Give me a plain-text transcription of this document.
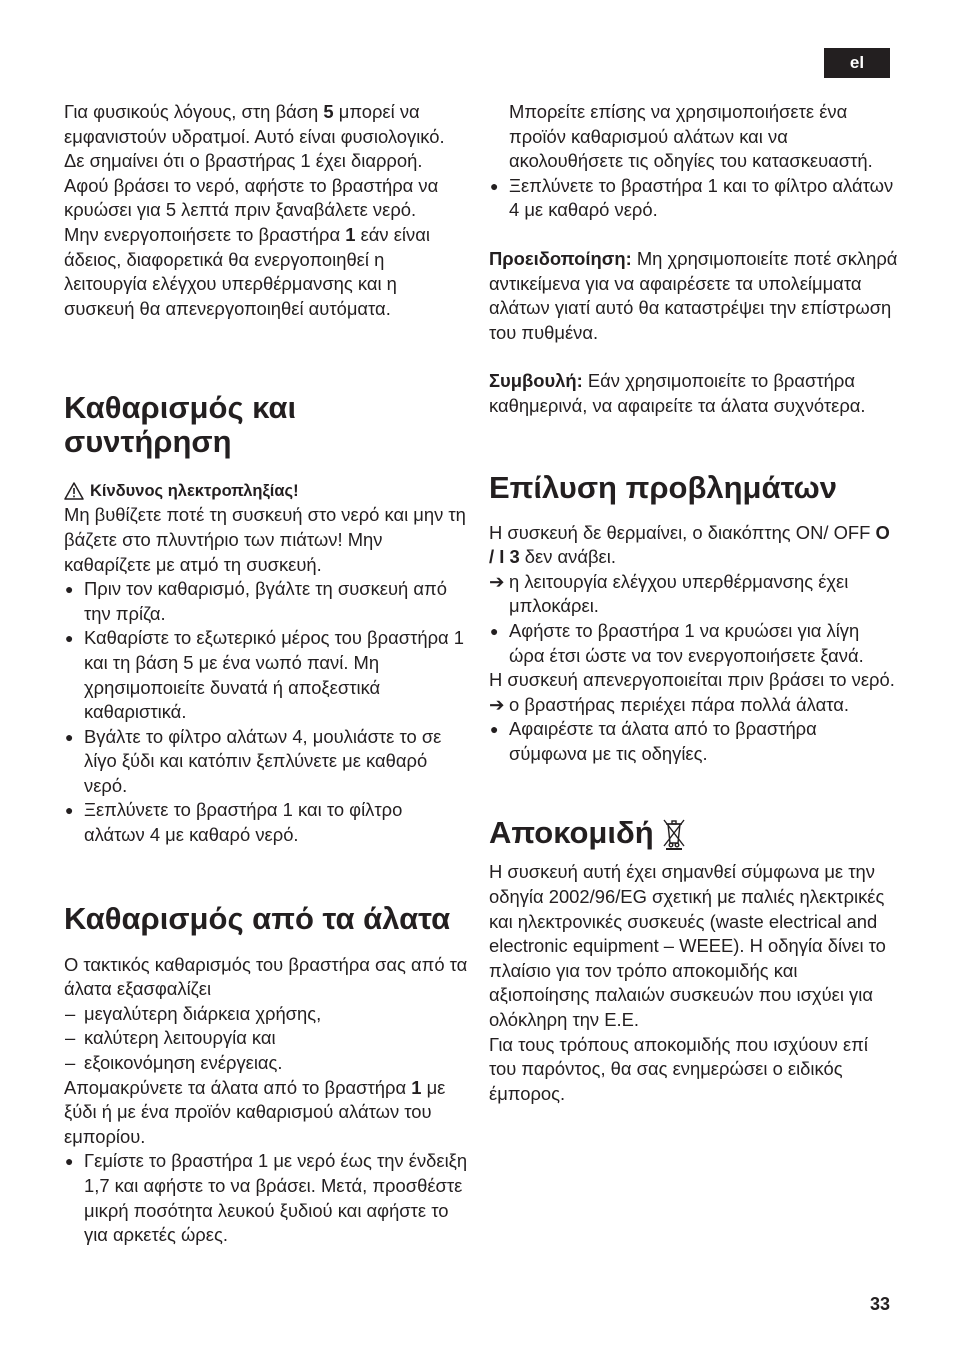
el

Για φυσικούς λόγους, στη βάση 5 μπορεί να εμφανιστούν υδρατμοί. Αυτό είναι φυσιολογικό. Δε σημαίνει ότι ο βραστήρας 1 έχει διαρροή.

Αφού βράσει το νερό, αφήστε το βραστήρα να κρυώσει για 5 λεπτά πριν ξαναβάλετε νερό.

Μην ενεργοποιήσετε το βραστήρα 1 εάν είναι άδειος, διαφορετικά θα ενεργοποιηθεί η λειτουργία ελέγχου υπερθέρμανσης και η συσκευή θα απενεργοποιηθεί αυτόματα.

Καθαρισμός και συντήρηση
Κίνδυνος ηλεκτροπληξίας!

Μη βυθίζετε ποτέ τη συσκευή στο νερό και μην τη βάζετε στο πλυντήριο των πιάτων! Μην καθαρίζετε με ατμό τη συσκευή.

● Πριν τον καθαρισμό, βγάλτε τη συσκευή από την πρίζα.
● Καθαρίστε το εξωτερικό μέρος του βραστήρα 1 και τη βάση 5 με ένα νωπό πανί. Μη χρησιμοποιείτε δυνατά ή αποξεστικά καθαριστικά.
● Βγάλτε το φίλτρο αλάτων 4, μουλιάστε το σε λίγο ξύδι και κατόπιν ξεπλύνετε με καθαρό νερό.
● Ξεπλύνετε το βραστήρα 1 και το φίλτρο αλάτων 4 με καθαρό νερό.
Καθαρισμός από τα άλατα

Ο τακτικός καθαρισμός του βραστήρα σας από τα άλατα εξασφαλίζει

– μεγαλύτερη διάρκεια χρήσης,
– καλύτερη λειτουργία και
– εξοικονόμηση ενέργειας.

Απομακρύνετε τα άλατα από το βραστήρα 1 με ξύδι ή με ένα προϊόν καθαρισμού αλάτων του εμπορίου.

● Γεμίστε το βραστήρα 1 με νερό έως την ένδειξη 1,7 και αφήστε το να βράσει. Μετά, προσθέστε μικρή ποσότητα λευκού ξυδιού και αφήστε το για αρκετές ώρες.

Μπορείτε επίσης να χρησιμοποιήσετε ένα προϊόν καθαρισμού αλάτων και να ακολουθήσετε τις οδηγίες του κατασκευαστή.

● Ξεπλύνετε το βραστήρα 1 και το φίλτρο αλάτων 4 με καθαρό νερό.

Προειδοποίηση: Μη χρησιμοποιείτε ποτέ σκληρά αντικείμενα για να αφαιρέσετε τα υπολείμματα αλάτων γιατί αυτό θα καταστρέψει την επίστρωση του πυθμένα.

Συμβουλή: Εάν χρησιμοποιείτε το βραστήρα καθημερινά, να αφαιρείτε τα άλατα συχνότερα.

Επίλυση προβλημάτων

Η συσκευή δε θερμαίνει, ο διακόπτης ON/ OFF O / I 3 δεν ανάβει.

➔ η λειτουργία ελέγχου υπερθέρμανσης έχει μπλοκάρει.
● Αφήστε το βραστήρα 1 να κρυώσει για λίγη ώρα έτσι ώστε να τον ενεργοποιήσετε ξανά.

Η συσκευή απενεργοποιείται πριν βράσει το νερό.

➔ ο βραστήρας περιέχει πάρα πολλά άλατα.
● Αφαιρέστε τα άλατα από το βραστήρα σύμφωνα με τις οδηγίες.
Αποκομιδή

Η συσκευή αυτή έχει σημανθεί σύμφωνα με την οδηγία 2002/96/EG σχετική με παλιές ηλεκτρικές και ηλεκτρονικές συσκευές (waste electrical and electronic equipment – WEEE). Η οδηγία δίνει το πλαίσιο για τον τρόπο αποκομιδής και αξιοποίησης παλαιών συσκευών που ισχύει για ολόκληρη την Ε.Ε.

Για τους τρόπους αποκομιδής που ισχύουν επί του παρόντος, θα σας ενημερώσει ο ειδικός έμπορος.

33
